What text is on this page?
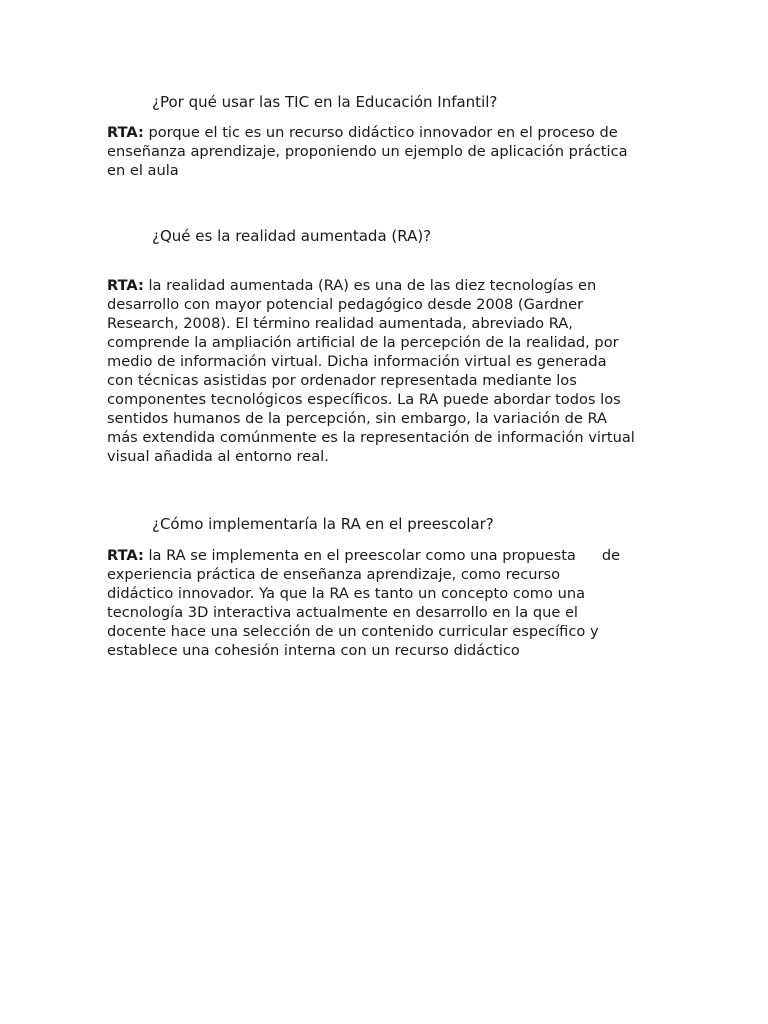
¿Por qué usar las TIC en la Educación Infantil?
RTA: porque el tic es un recurso didáctico innovador en el proceso de
enseñanza aprendizaje, proponiendo un ejemplo de aplicación práctica
en el aula
¿Qué es la realidad aumentada (RA)?
RTA: la realidad aumentada (RA) es una de las diez tecnologías en
desarrollo con mayor potencial pedagógico desde 2008 (Gardner
Research, 2008). El término realidad aumentada, abreviado RA,
comprende la ampliación artificial de la percepción de la realidad, por
medio de información virtual. Dicha información virtual es generada
con técnicas asistidas por ordenador representada mediante los
componentes tecnológicos específicos. La RA puede abordar todos los
sentidos humanos de la percepción, sin embargo, la variación de RA
más extendida comúnmente es la representación de información virtual
visual añadida al entorno real.
¿Cómo implementaría la RA en el preescolar?
RTA: la RA se implementa en el preescolar como una propuesta de
experiencia práctica de enseñanza aprendizaje, como recurso
didáctico innovador. Ya que la RA es tanto un concepto como una
tecnología 3D interactiva actualmente en desarrollo en la que el
docente hace una selección de un contenido curricular específico y
establece una cohesión interna con un recurso didáctico
